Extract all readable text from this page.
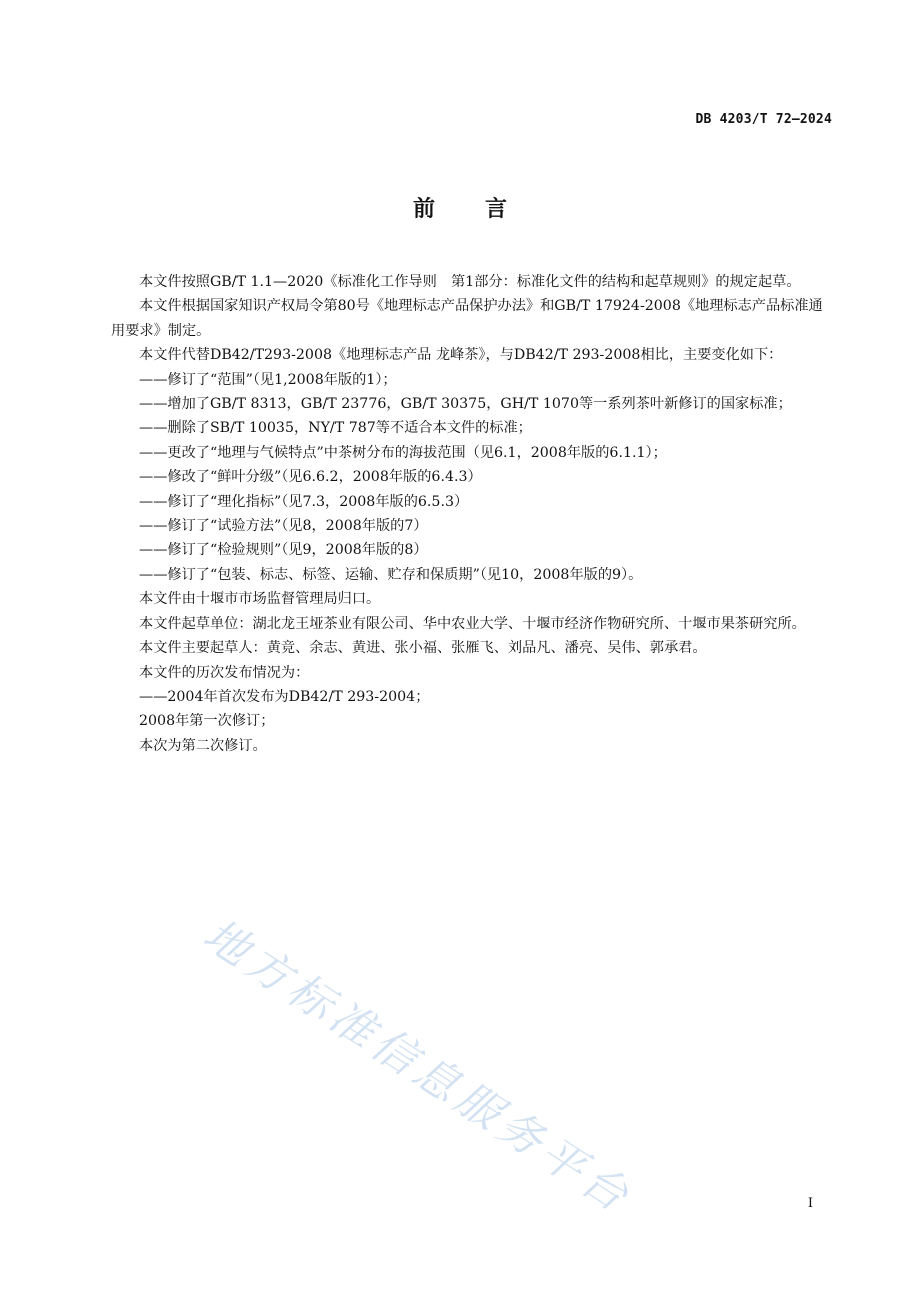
DB 4203/T 72—2024
前言

本文件按照GB/T 1.1—2020《标准化工作导则　第1部分：标准化文件的结构和起草规则》的规定起草。

本文件根据国家知识产权局令第80号《地理标志产品保护办法》和GB/T 17924-2008《地理标志产品标准通用要求》制定。

本文件代替DB42/T293-2008《地理标志产品 龙峰茶》，与DB42/T 293-2008相比，主要变化如下：

——修订了“范围”（见1,2008年版的1）；

——增加了GB/T 8313，GB/T 23776，GB/T 30375，GH/T 1070等一系列茶叶新修订的国家标准；

——删除了SB/T 10035，NY/T 787等不适合本文件的标准；

——更改了“地理与气候特点”中茶树分布的海拔范围（见6.1，2008年版的6.1.1）；

——修改了“鲜叶分级”（见6.6.2，2008年版的6.4.3）

——修订了“理化指标”（见7.3，2008年版的6.5.3）

——修订了“试验方法”（见8，2008年版的7）

——修订了“检验规则”（见9，2008年版的8）

——修订了“包装、标志、标签、运输、贮存和保质期”（见10，2008年版的9）。

本文件由十堰市市场监督管理局归口。

本文件起草单位：湖北龙王垭茶业有限公司、华中农业大学、十堰市经济作物研究所、十堰市果茶研究所。

本文件主要起草人：黄竞、余志、黄进、张小福、张雁飞、刘品凡、潘亮、吴伟、郭承君。

本文件的历次发布情况为：

——2004年首次发布为DB42/T 293-2004；

2008年第一次修订；

本次为第二次修订。

地方标准信息服务平台	I
